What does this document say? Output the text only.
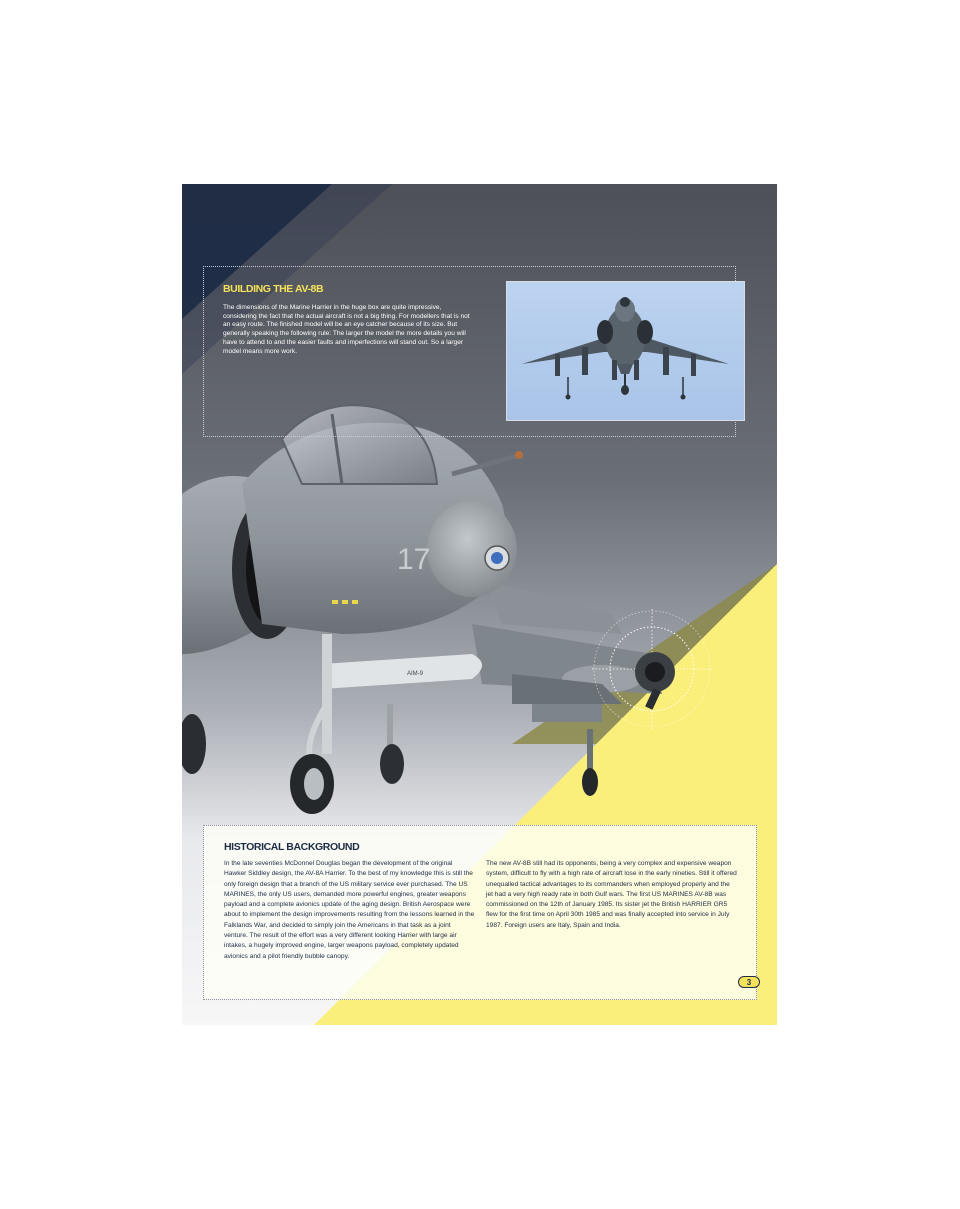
17
AIM-9
BUILDING THE AV-8B

The dimensions of the Marine Harrier in the huge box are quite impressive, considering the fact that the actual aircraft is not a big thing. For modellers that is not an easy route. The finished model will be an eye catcher because of its size. But generally speaking the following rule: The larger the model the more details you will have to attend to and the easier faults and imperfections will stand out. So a larger model means more work.

HISTORICAL BACKGROUND

In the late seventies McDonnel Douglas began the development of the original Hawker Siddley design, the AV-8A Harrier. To the best of my knowledge this is still the only foreign design that a branch of the US military service ever purchased. The US MARINES, the only US users, demanded more powerful engines, greater weapons payload and a complete avionics update of the aging design. British Aerospace were about to implement the design improvements resulting from the lessons learned in the Falklands War, and decided to simply join the Americans in that task as a joint venture. The result of the effort was a very different looking Harrier with large air intakes, a hugely improved engine, larger weapons payload, completely updated avionics and a pilot friendly bubble canopy.

The new AV-8B still had its opponents, being a very complex and expensive weapon system, difficult to fly with a high rate of aircraft lose in the early nineties. Still it offered unequalled tactical advantages to its commanders when employed properly and the jet had a very high ready rate in both Gulf wars. The first US MARINES AV-8B was commissioned on the 12th of January 1985. Its sister jet the British HARRIER GR5 flew for the first time on April 30th 1985 and was finally accepted into service in July 1987. Foreign users are Italy, Spain and India.

3
